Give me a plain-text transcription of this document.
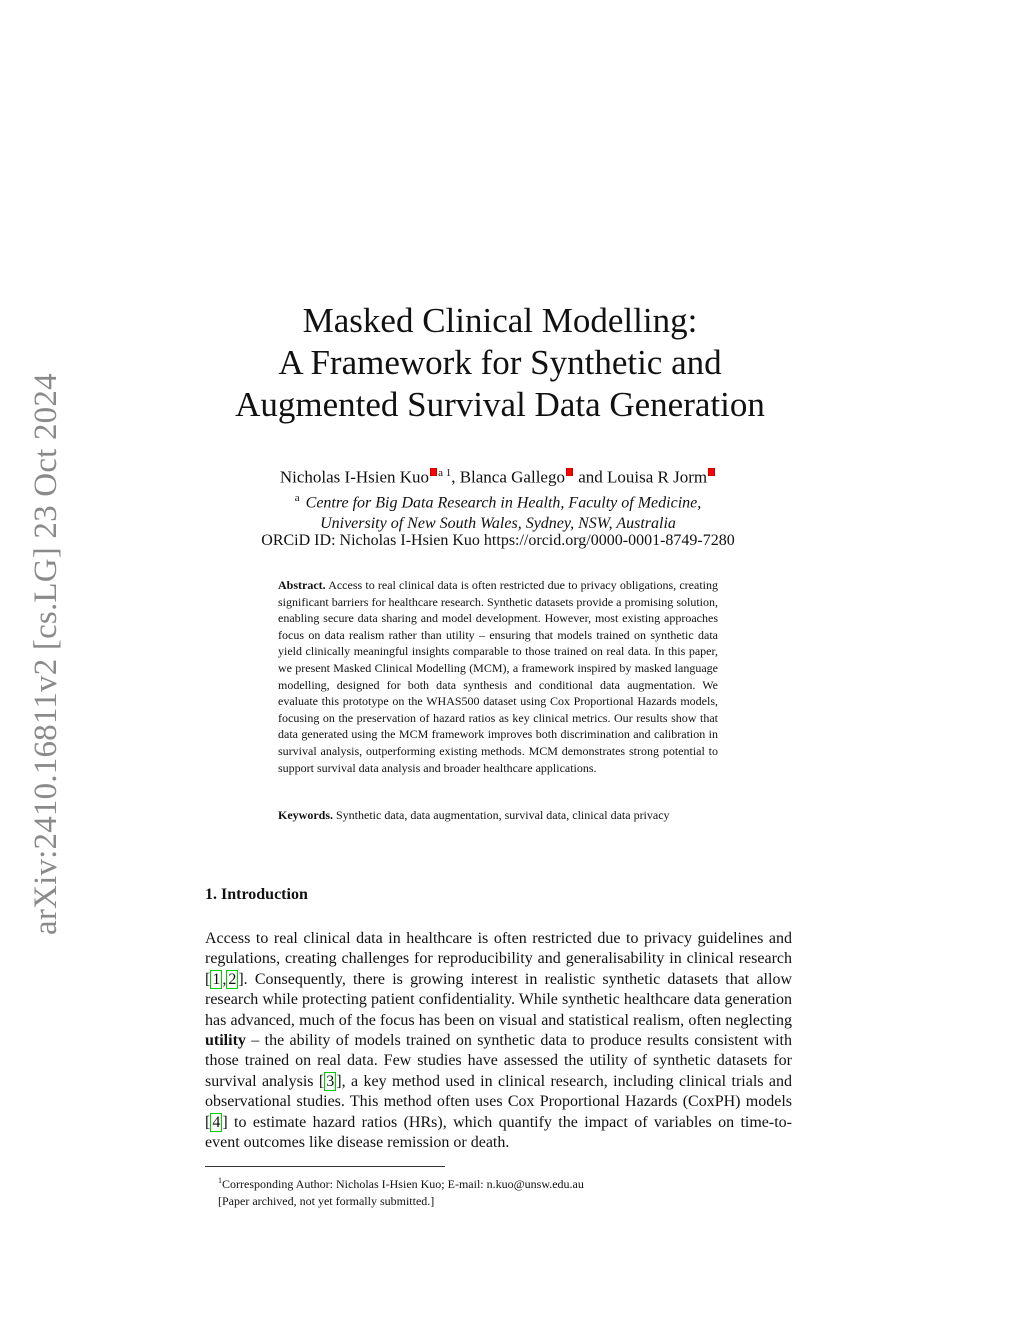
arXiv:2410.16811v2 [cs.LG] 23 Oct 2024
Masked Clinical Modelling:
A Framework for Synthetic and
Augmented Survival Data Generation
Nicholas I-Hsien Kuo $^{a 1}$, Blanca Gallego and Louisa R Jorm
$^a$ Centre for Big Data Research in Health, Faculty of Medicine,
University of New South Wales, Sydney, NSW, Australia
ORCiD ID: Nicholas I-Hsien Kuo https://orcid.org/0000-0001-8749-7280
Abstract. Access to real clinical data is often restricted due to privacy obligations, creating significant barriers for healthcare research. Synthetic datasets provide a promising solution, enabling secure data sharing and model development. However, most existing approaches focus on data realism rather than utility – ensuring that models trained on synthetic data yield clinically meaningful insights comparable to those trained on real data. In this paper, we present Masked Clinical Modelling (MCM), a framework inspired by masked language modelling, designed for both data synthesis and conditional data augmentation. We evaluate this prototype on the WHAS500 dataset using Cox Proportional Hazards models, focusing on the preservation of hazard ratios as key clinical metrics. Our results show that data generated using the MCM framework improves both discrimination and calibration in survival analysis, outperforming existing methods. MCM demonstrates strong potential to support survival data analysis and broader healthcare applications.
Keywords. Synthetic data, data augmentation, survival data, clinical data privacy
1. Introduction
Access to real clinical data in healthcare is often restricted due to privacy guidelines and regulations, creating challenges for reproducibility and generalisability in clinical research [ 1 , 2 ]. Consequently, there is growing interest in realistic synthetic datasets that allow research while protecting patient confidentiality. While synthetic healthcare data generation has advanced, much of the focus has been on visual and statistical realism, often neglecting utility – the ability of models trained on synthetic data to produce results consistent with those trained on real data. Few studies have assessed the utility of synthetic datasets for survival analysis [ 3 ], a key method used in clinical research, including clinical trials and observational studies. This method often uses Cox Proportional Hazards (CoxPH) models [ 4 ] to estimate hazard ratios (HRs), which quantify the impact of variables on time-to-event outcomes like disease remission or death.
$^1$Corresponding Author: Nicholas I-Hsien Kuo; E-mail: n.kuo@unsw.edu.au
[Paper archived, not yet formally submitted.]
